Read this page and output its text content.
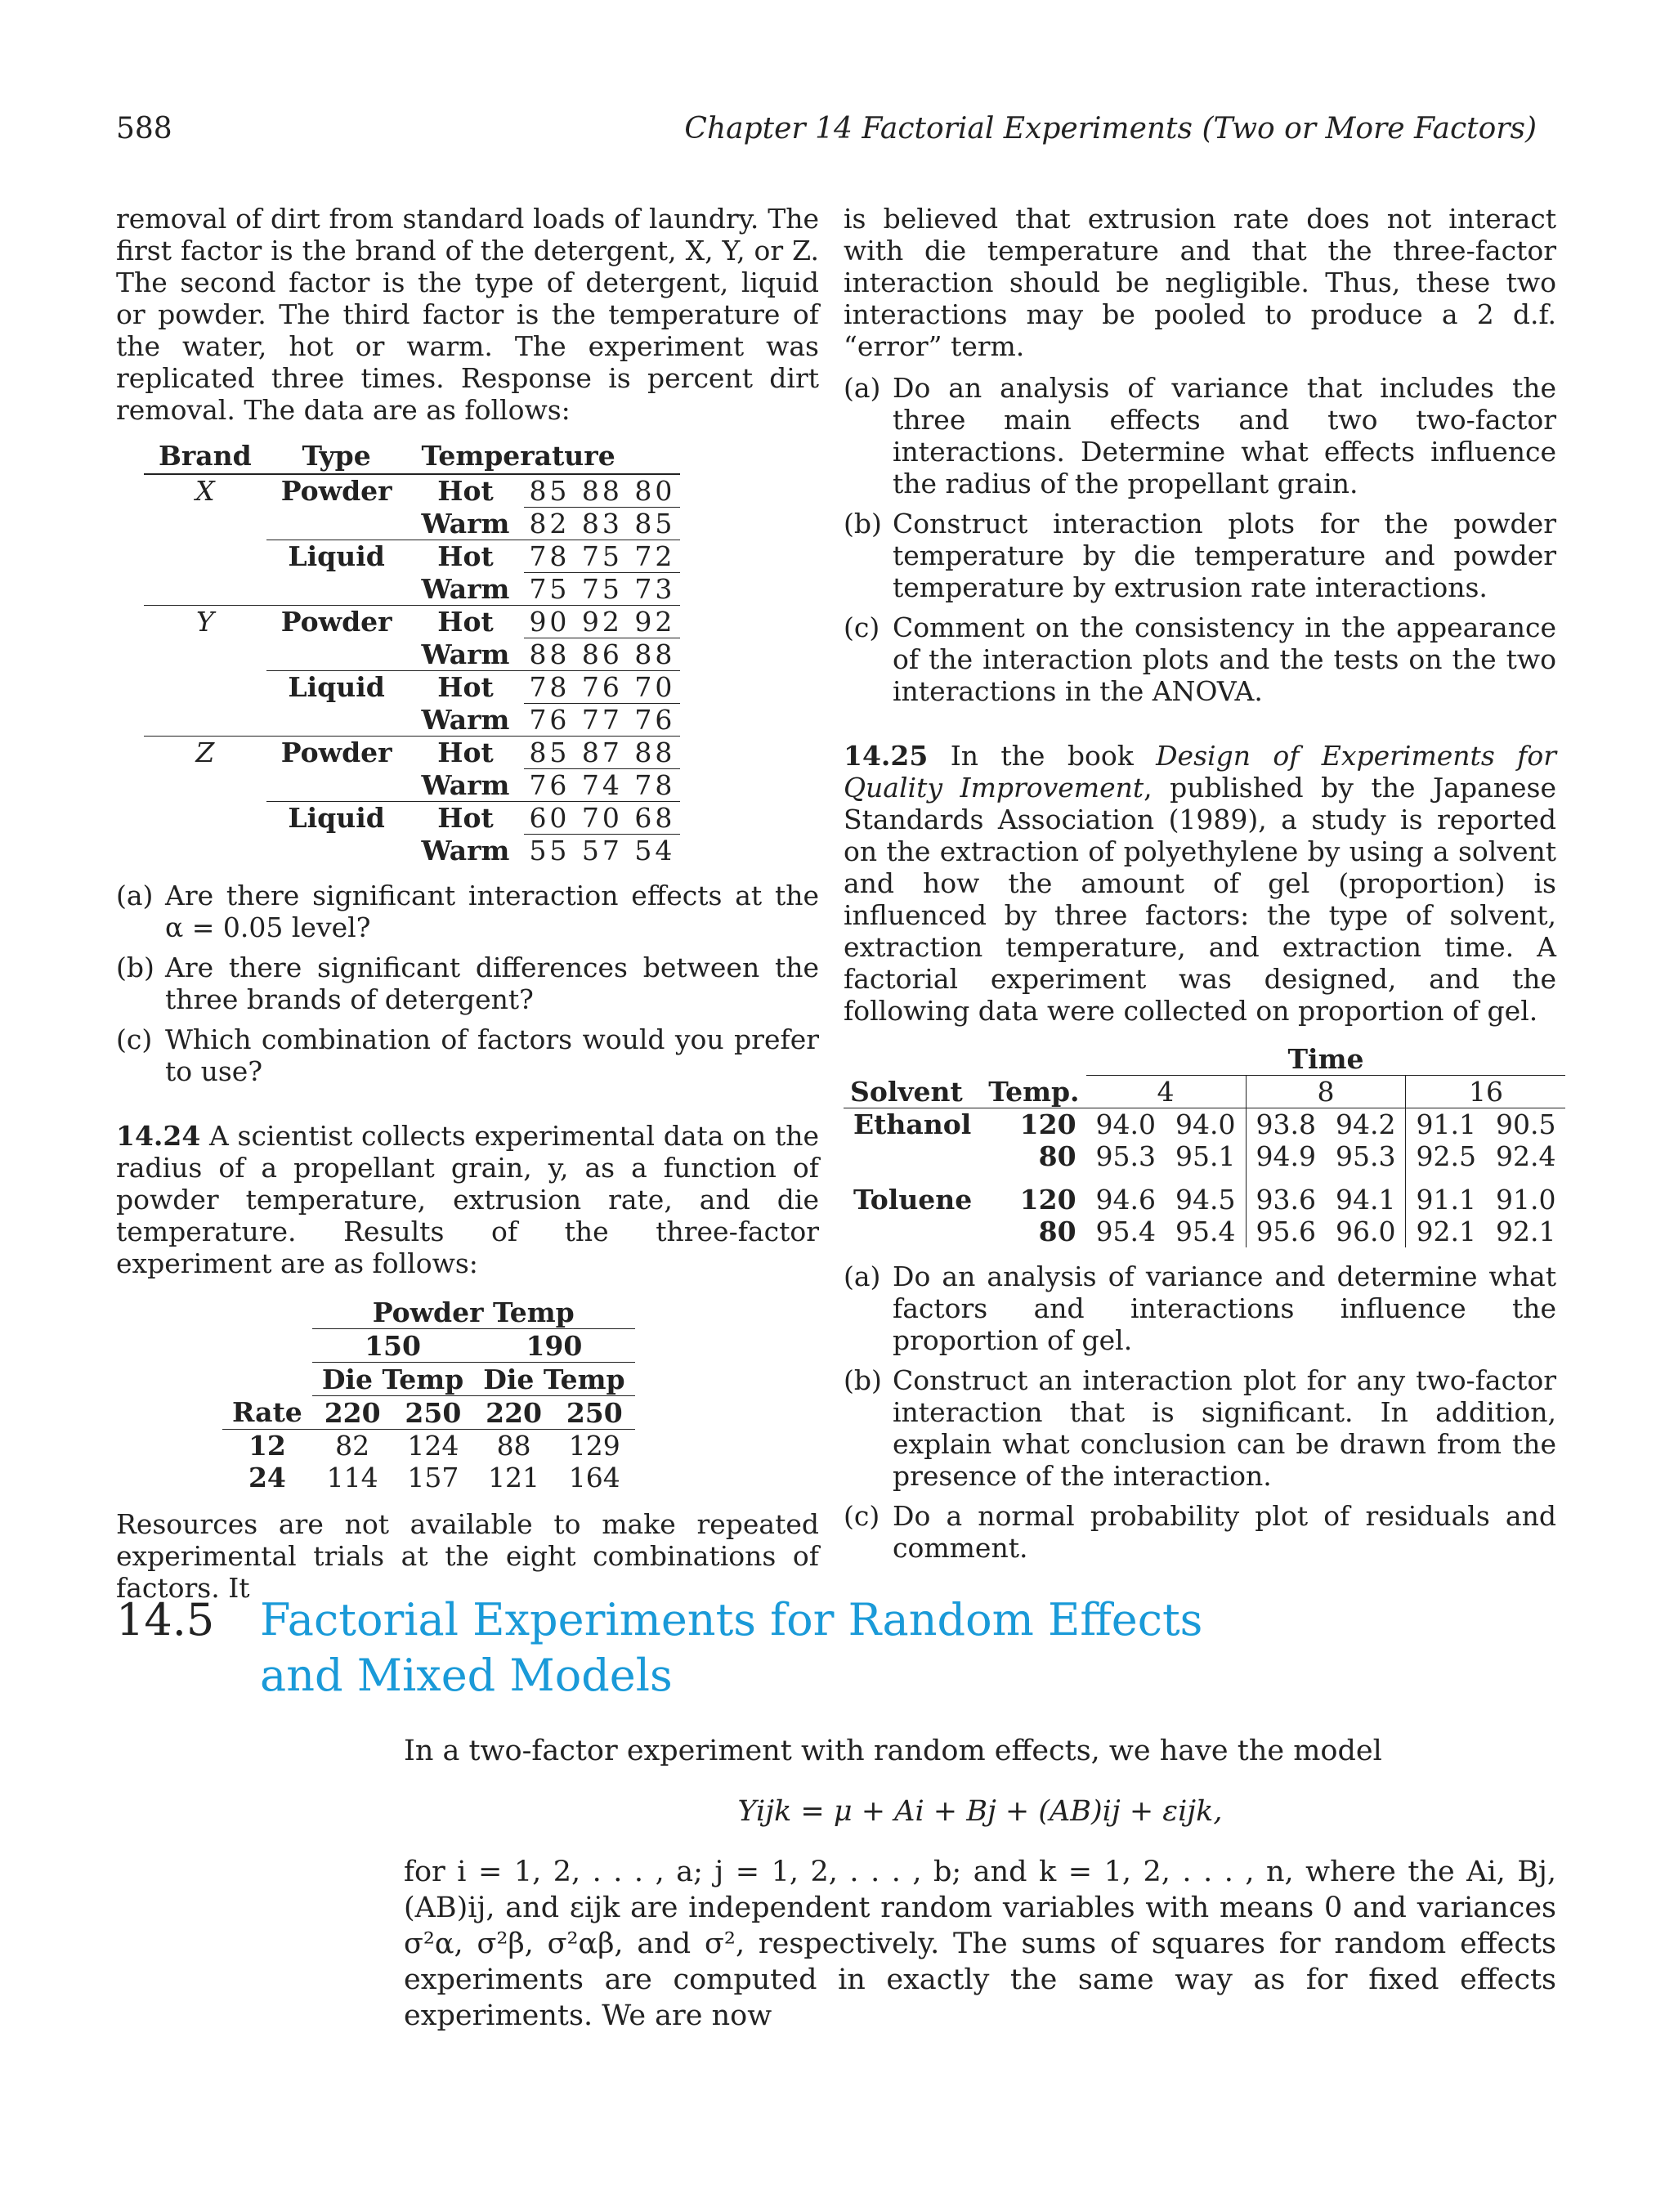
588	Chapter 14 Factorial Experiments (Two or More Factors)

removal of dirt from standard loads of laundry. The first factor is the brand of the detergent, X, Y, or Z. The second factor is the type of detergent, liquid or powder. The third factor is the temperature of the water, hot or warm. The experiment was replicated three times. Response is percent dirt removal. The data are as follows:

Brand	Type	Temperature	
X	Powder	Hot	85 88 80
		Warm	82 83 85
	Liquid	Hot	78 75 72
		Warm	75 75 73
Y	Powder	Hot	90 92 92
		Warm	88 86 88
	Liquid	Hot	78 76 70
		Warm	76 77 76
Z	Powder	Hot	85 87 88
		Warm	76 74 78
	Liquid	Hot	60 70 68
		Warm	55 57 54
(a) Are there significant interaction effects at the α = 0.05 level?
(b) Are there significant differences between the three brands of detergent?
(c) Which combination of factors would you prefer to use?

14.24 A scientist collects experimental data on the radius of a propellant grain, y, as a function of powder temperature, extrusion rate, and die temperature. Results of the three-factor experiment are as follows:

	Powder Temp			
	150		190	
	Die Temp		Die Temp	
Rate	220	250	220	250
12	82	124	88	129
24	114	157	121	164

Resources are not available to make repeated experimental trials at the eight combinations of factors. It

is believed that extrusion rate does not interact with die temperature and that the three-factor interaction should be negligible. Thus, these two interactions may be pooled to produce a 2 d.f. “error” term.

(a) Do an analysis of variance that includes the three main effects and two two-factor interactions. Determine what effects influence the radius of the propellant grain.
(b) Construct interaction plots for the powder temperature by die temperature and powder temperature by extrusion rate interactions.
(c) Comment on the consistency in the appearance of the interaction plots and the tests on the two interactions in the ANOVA.

14.25 In the book Design of Experiments for Quality Improvement, published by the Japanese Standards Association (1989), a study is reported on the extraction of polyethylene by using a solvent and how the amount of gel (proportion) is influenced by three factors: the type of solvent, extraction temperature, and extraction time. A factorial experiment was designed, and the following data were collected on proportion of gel.

		Time					
Solvent	Temp.	4		8		16	
Ethanol	120	94.0	94.0	93.8	94.2	91.1	90.5
	80	95.3	95.1	94.9	95.3	92.5	92.4
Toluene	120	94.6	94.5	93.6	94.1	91.1	91.0
	80	95.4	95.4	95.6	96.0	92.1	92.1
(a) Do an analysis of variance and determine what factors and interactions influence the proportion of gel.
(b) Construct an interaction plot for any two-factor interaction that is significant. In addition, explain what conclusion can be drawn from the presence of the interaction.
(c) Do a normal probability plot of residuals and comment.
14.5	Factorial Experiments for Random Effects
and Mixed Models
In a two-factor experiment with random effects, we have the model
Yijk = μ + Ai + Bj + (AB)ij + εijk,
for i = 1, 2, . . . , a; j = 1, 2, . . . , b; and k = 1, 2, . . . , n, where the Ai, Bj, (AB)ij, and εijk are independent random variables with means 0 and variances σ²α, σ²β, σ²αβ, and σ², respectively. The sums of squares for random effects experiments are computed in exactly the same way as for fixed effects experiments. We are now
